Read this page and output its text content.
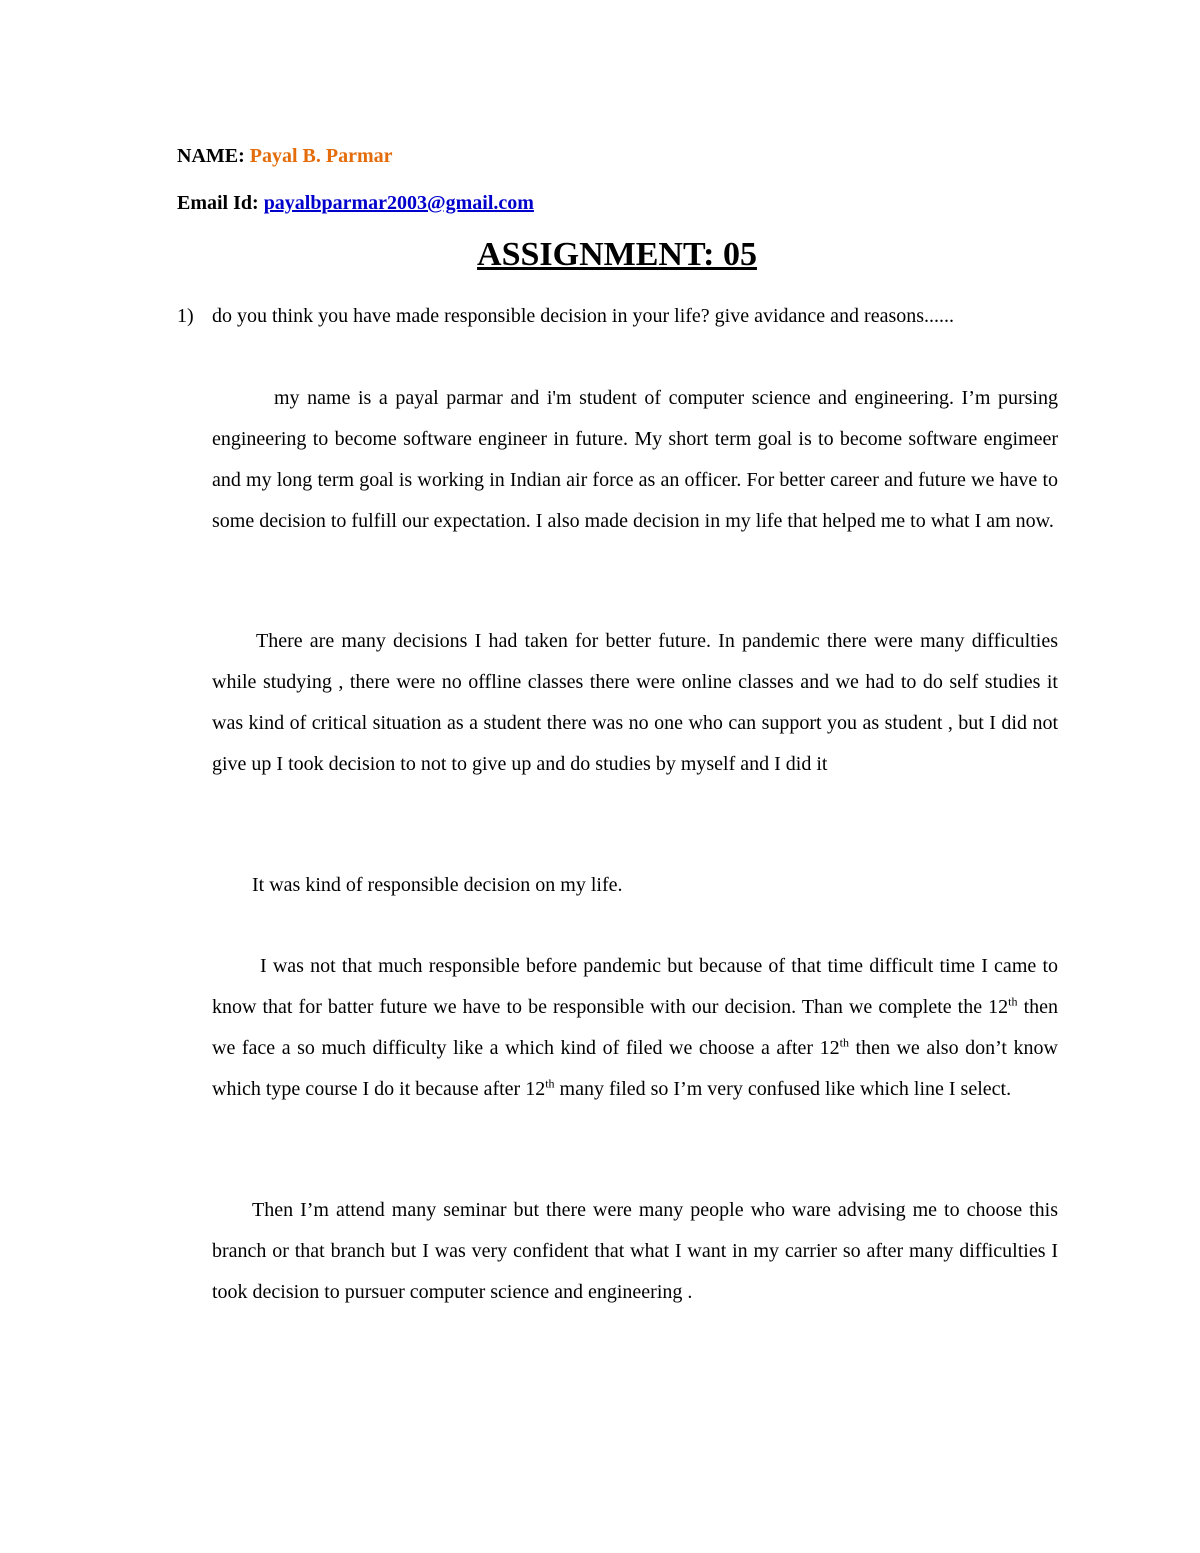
NAME: Payal B. Parmar
Email Id: payalbparmar2003@gmail.com
ASSIGNMENT: 05
1) do you think you have made responsible decision in your life? give avidance and reasons......
my name is a payal parmar and i'm student of computer science and engineering. I’m pursing engineering to become software engineer in future. My short term goal is to become software engimeer and my long term goal is working in Indian air force as an officer. For better career and future we have to some decision to fulfill our expectation. I also made decision in my life that helped me to what I am now.
There are many decisions I had taken for better future. In pandemic there were many difficulties while studying , there were no offline classes there were online classes and we had to do self studies it was kind of critical situation as a student there was no one who can support you as student , but I did not give up I took decision to not to give up and do studies by myself and I did it
It was kind of responsible decision on my life.
I was not that much responsible before pandemic but because of that time difficult time I came to know that for batter future we have to be responsible with our decision. Than we complete the 12th then we face a so much difficulty like a which kind of filed we choose a after 12th then we also don’t know which type course I do it because after 12th many filed so I’m very confused like which line I select.
Then I’m attend many seminar but there were many people who ware advising me to choose this branch or that branch but I was very confident that what I want in my carrier so after many difficulties I took decision to pursuer computer science and engineering .
